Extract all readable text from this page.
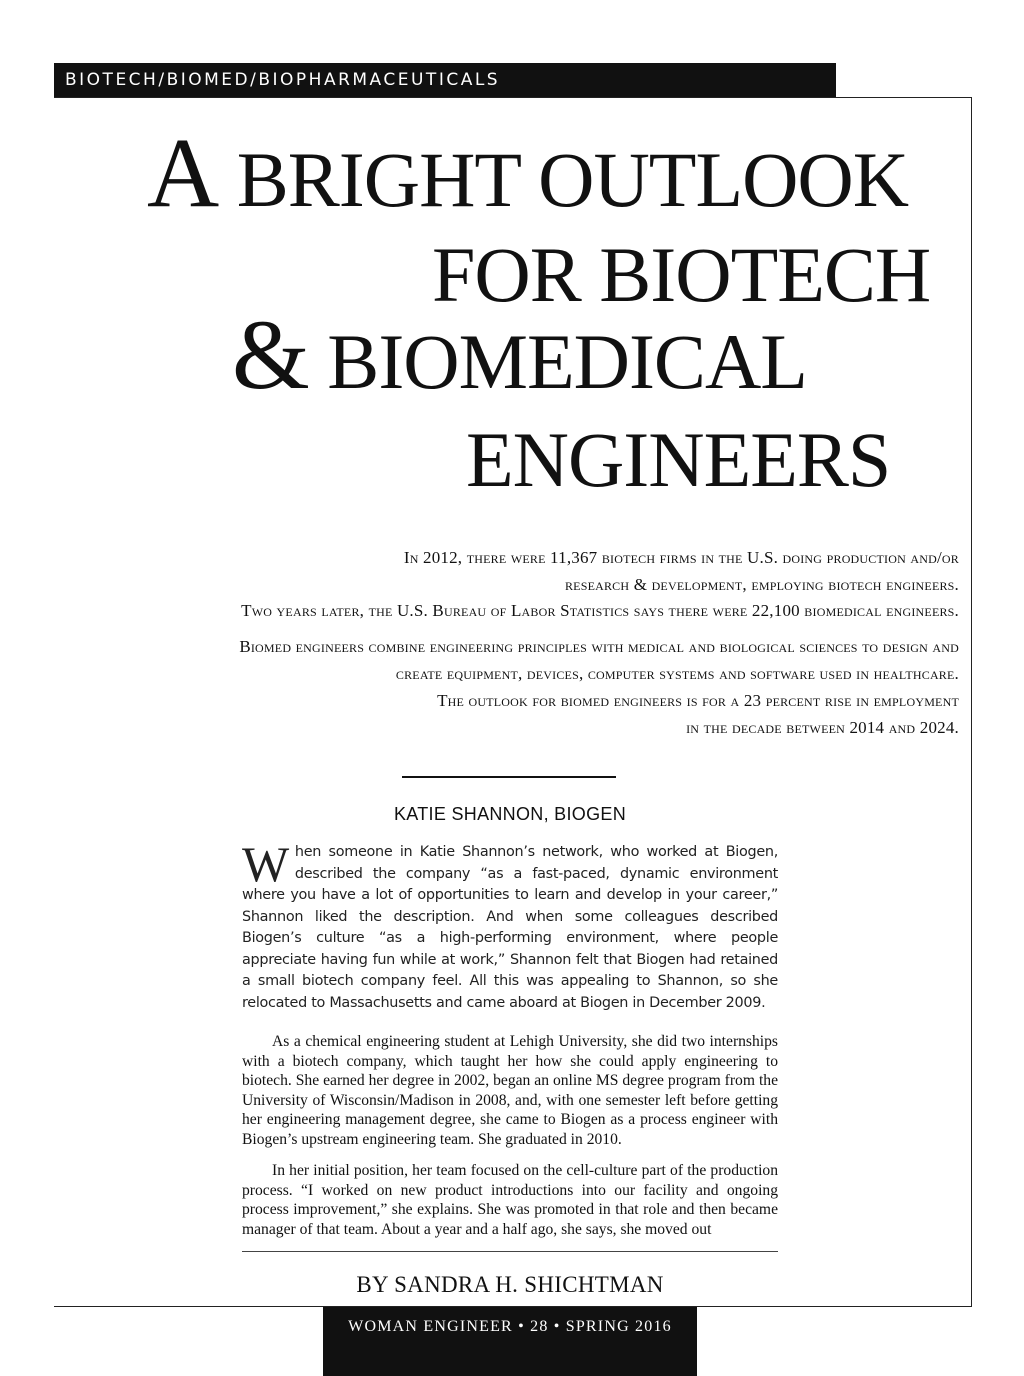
BIOTECH/BIOMED/BIOPHARMACEUTICALS
A BRIGHT OUTLOOK
FOR BIOTECH
& BIOMEDICAL
ENGINEERS

In 2012, there were 11,367 biotech firms in the U.S. doing production and/or

research & development, employing biotech engineers.

Two years later, the U.S. Bureau of Labor Statistics says there were 22,100 biomedical engineers.

Biomed engineers combine engineering principles with medical and biological sciences to design and

create equipment, devices, computer systems and software used in healthcare.

The outlook for biomed engineers is for a 23 percent rise in employment

in the decade between 2014 and 2024.

KATIE SHANNON, BIOGEN

W hen someone in Katie Shannon’s network, who worked at Biogen, described the company “as a fast-paced, dynamic environment where you have a lot of opportunities to learn and develop in your career,” Shannon liked the description. And when some colleagues described Biogen’s culture “as a high-performing environment, where people appreciate having fun while at work,” Shannon felt that Biogen had retained a small biotech company feel. All this was appealing to Shannon, so she relocated to Massachusetts and came aboard at Biogen in December 2009.

As a chemical engineering student at Lehigh University, she did two internships with a biotech company, which taught her how she could apply engineering to biotech. She earned her degree in 2002, began an online MS degree program from the University of Wisconsin/Madison in 2008, and, with one semester left before getting her engineering management degree, she came to Biogen as a process engineer with Biogen’s upstream engineering team. She graduated in 2010.

In her initial position, her team focused on the cell-culture part of the production process. “I worked on new product introductions into our facility and ongoing process improvement,” she explains. She was promoted in that role and then became manager of that team. About a year and a half ago, she says, she moved out

BY SANDRA H. SHICHTMAN
WOMAN ENGINEER • 28 • SPRING 2016
